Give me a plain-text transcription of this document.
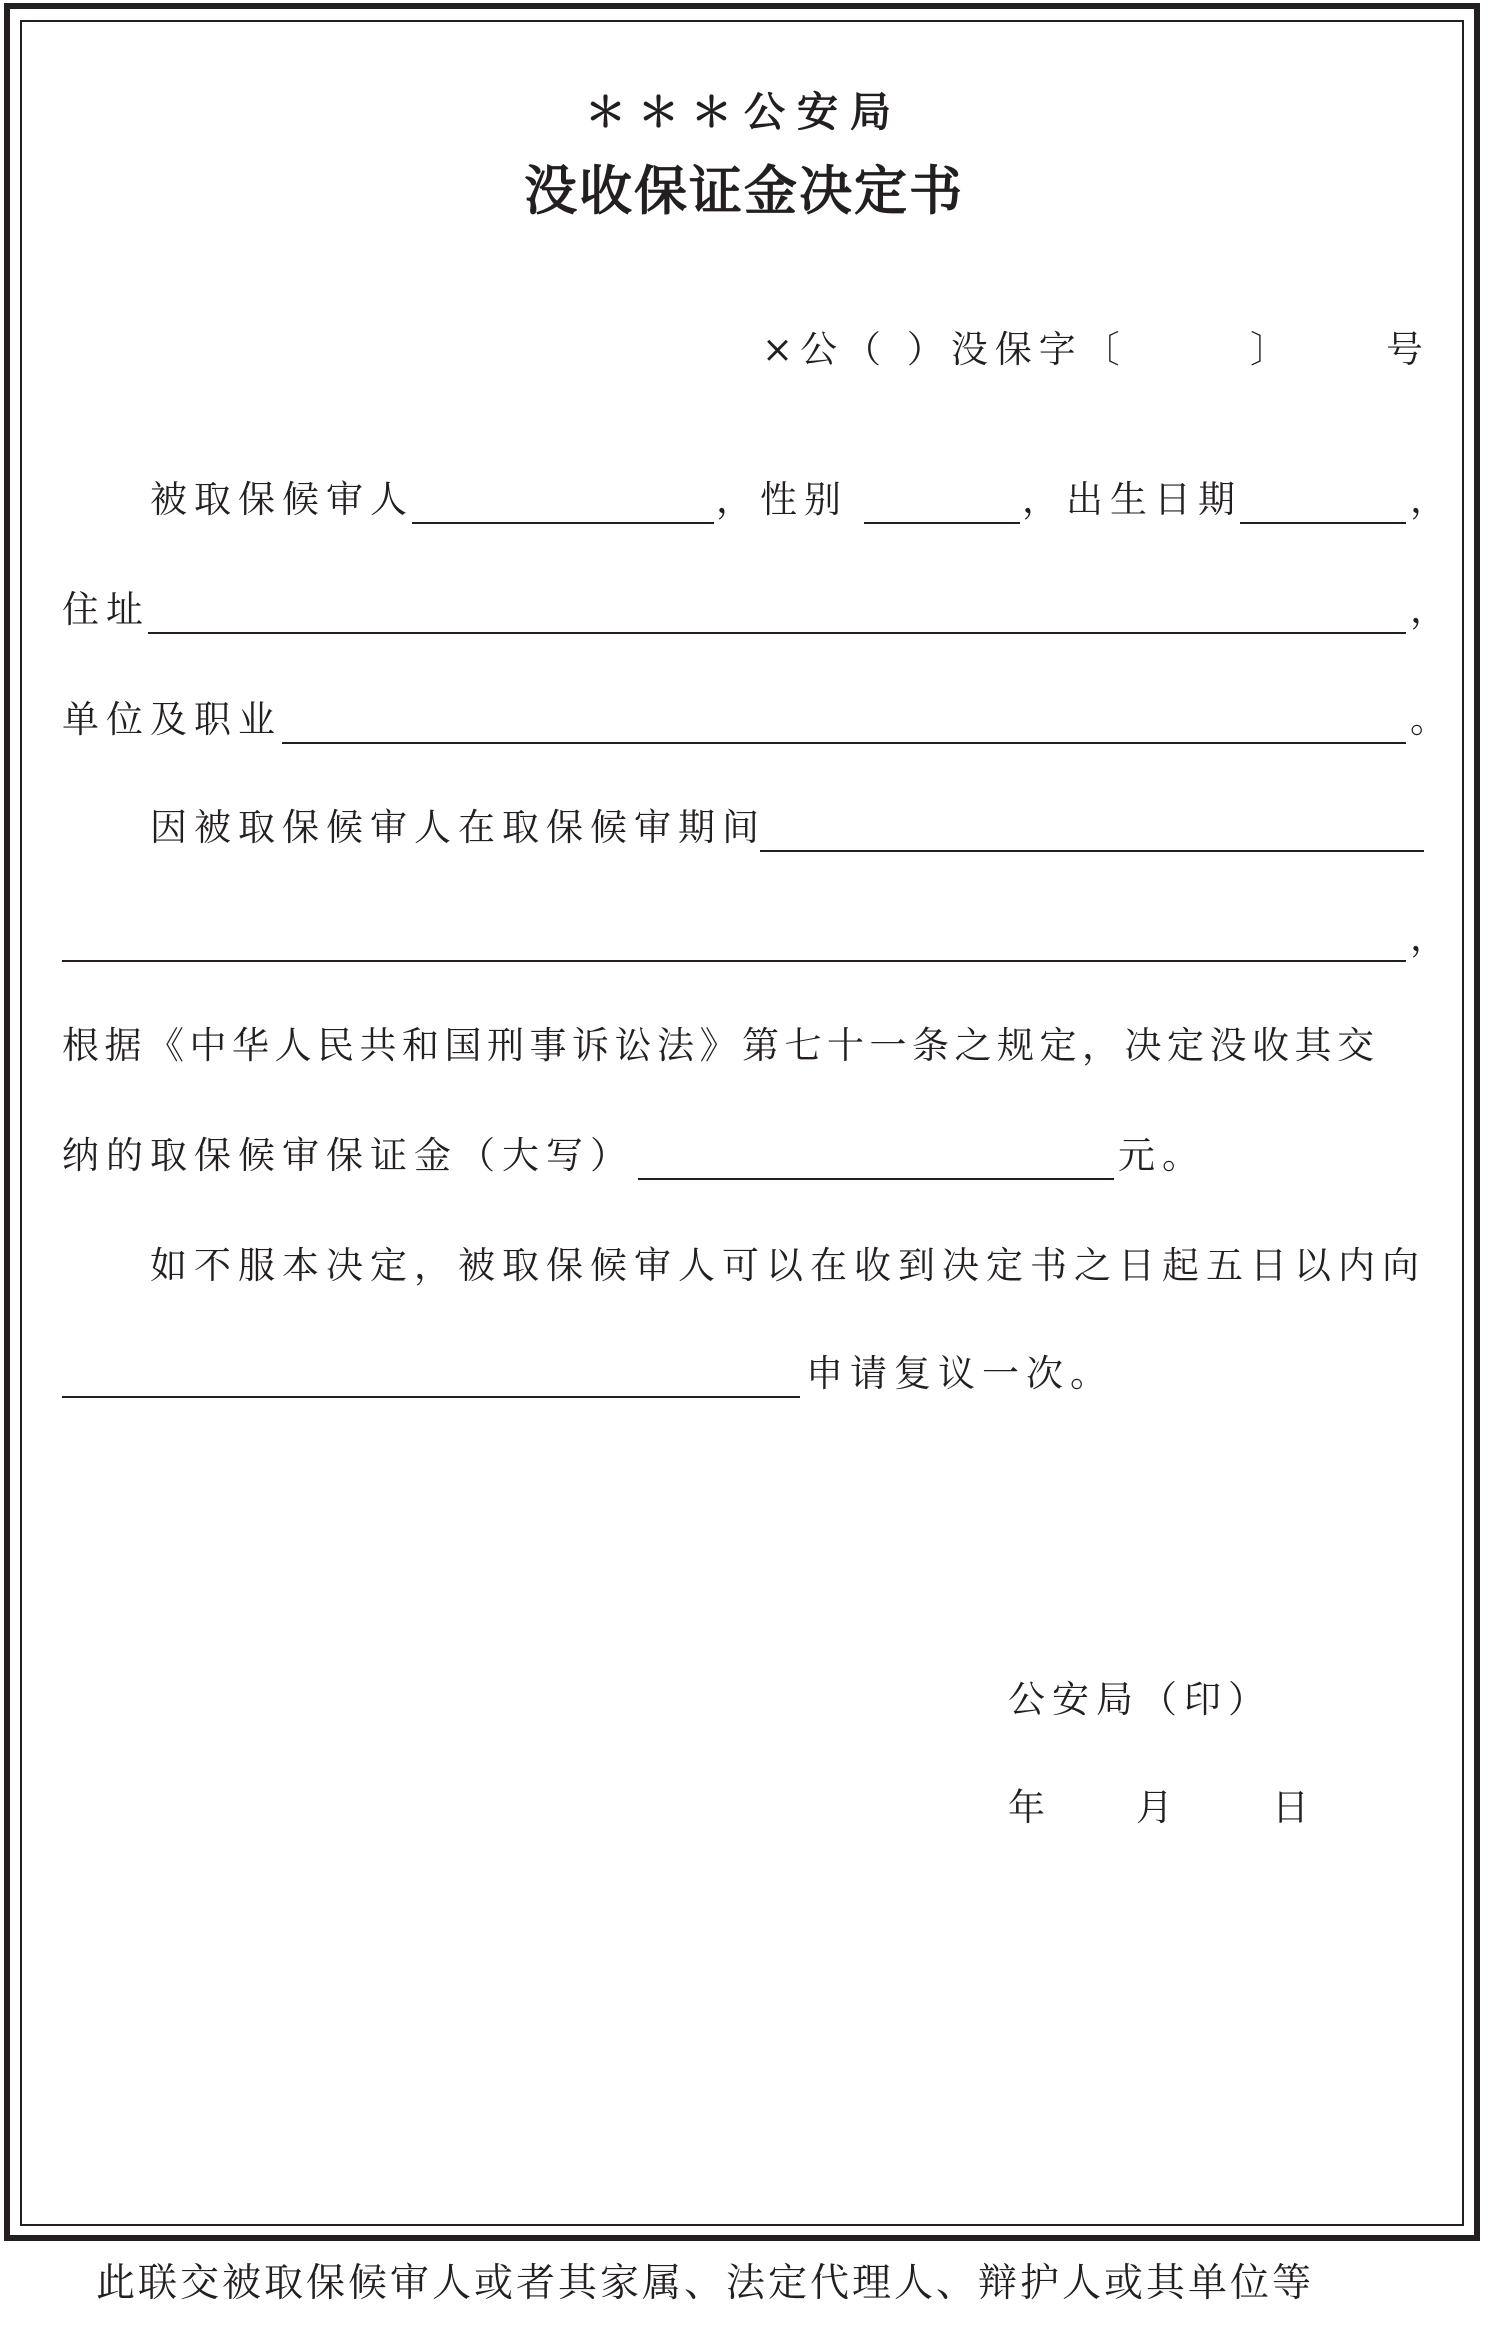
＊＊＊公安局
没收保证金决定书
×公（ ）没保字〔	〕 号
被取保候审人	，性别	，出生日期	，
住址	，
单位及职业	。
因被取保候审人在取保候审期间
，
根据《中华人民共和国刑事诉讼法》第七十一条之规定，决定没收其交
纳的取保候审保证金（大写）	元。
如不服本决定，被取保候审人可以在收到决定书之日起五日以内向
申请复议一次。
公安局（印）
年 月 日
此联交被取保候审人或者其家属、法定代理人、辩护人或其单位等
